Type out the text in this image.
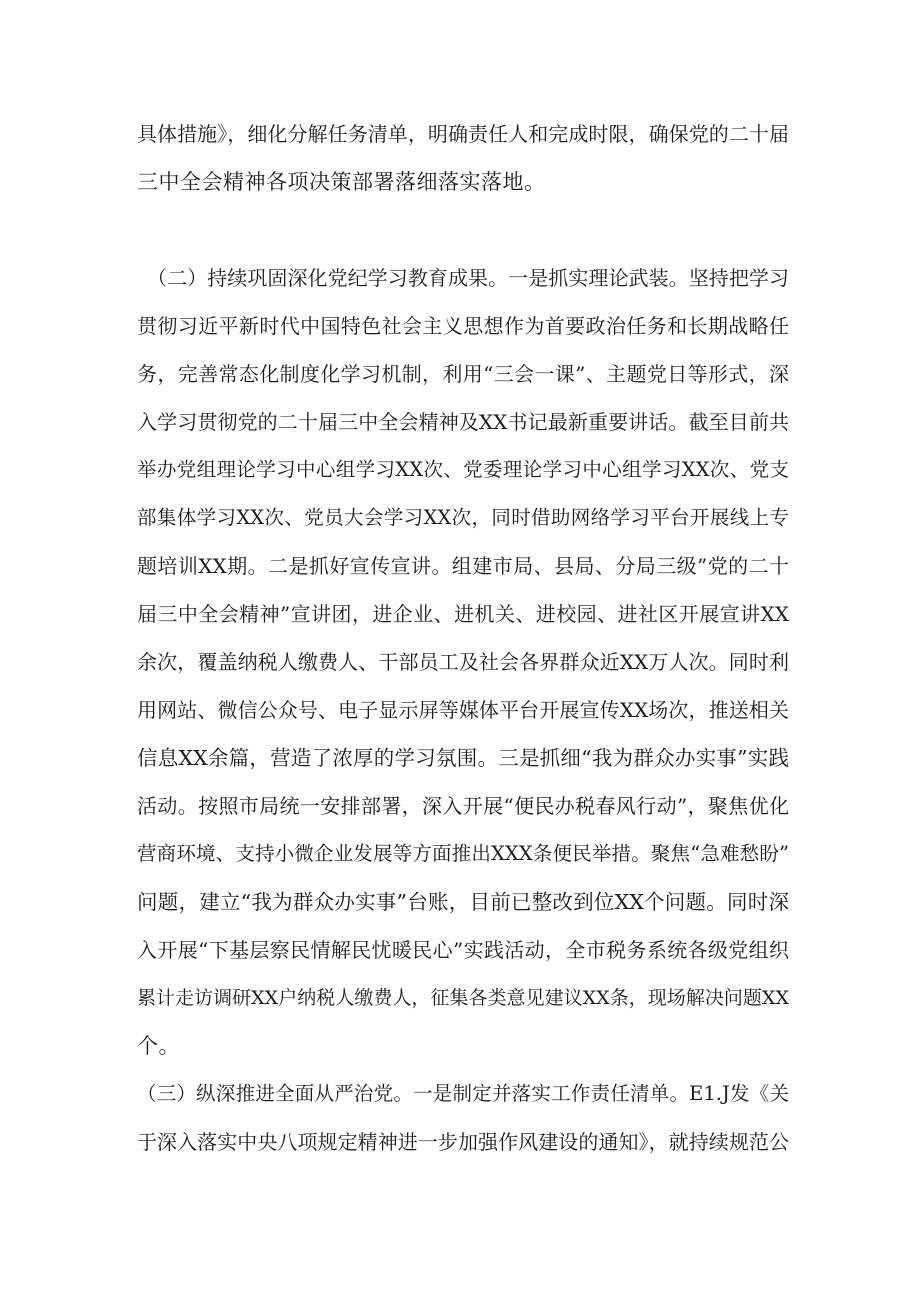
具体措施》，细化分解任务清单，明确责任人和完成时限，确保党的二十届
三中全会精神各项决策部署落细落实落地。
（二）持续巩固深化党纪学习教育成果。一是抓实理论武装。坚持把学习
贯彻习近平新时代中国特色社会主义思想作为首要政治任务和长期战略任
务，完善常态化制度化学习机制，利用“三会一课”、主题党日等形式，深
入学习贯彻党的二十届三中全会精神及XX书记最新重要讲话。截至目前共
举办党组理论学习中心组学习XX次、党委理论学习中心组学习XX次、党支
部集体学习XX次、党员大会学习XX次，同时借助网络学习平台开展线上专
题培训XX期。二是抓好宣传宣讲。组建市局、县局、分局三级”党的二十
届三中全会精神”宣讲团，进企业、进机关、进校园、进社区开展宣讲XX
余次，覆盖纳税人缴费人、干部员工及社会各界群众近XX万人次。同时利
用网站、微信公众号、电子显示屏等媒体平台开展宣传XX场次，推送相关
信息XX余篇，营造了浓厚的学习氛围。三是抓细“我为群众办实事”实践
活动。按照市局统一安排部署，深入开展“便民办税春风行动”，聚焦优化
营商环境、支持小微企业发展等方面推出XXX条便民举措。聚焦“急难愁盼”
问题，建立“我为群众办实事”台账，目前已整改到位XX个问题。同时深
入开展“下基层察民情解民忧暖民心”实践活动，全市税务系统各级党组织
累计走访调研XX户纳税人缴费人，征集各类意见建议XX条，现场解决问题XX
个。
（三）纵深推进全面从严治党。一是制定并落实工作责任清单。E1.J发《关
于深入落实中央八项规定精神进一步加强作风建设的通知》，就持续规范公
